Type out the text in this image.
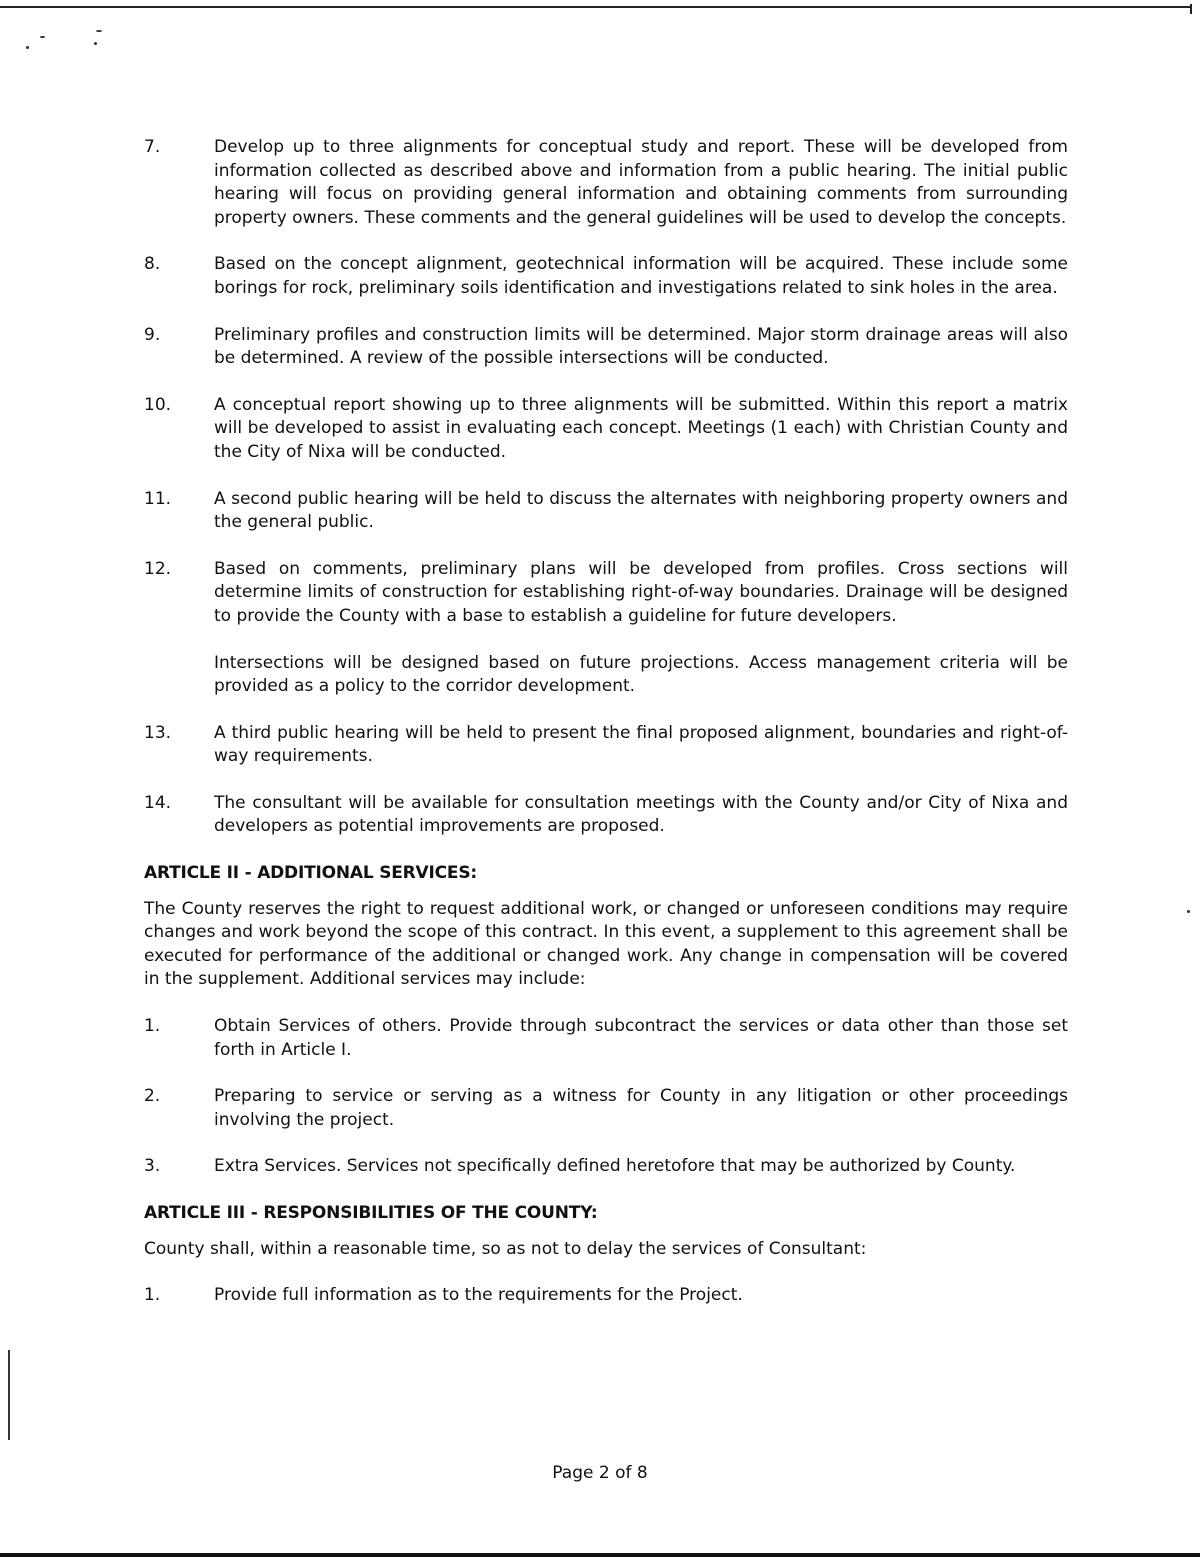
7.	Develop up to three alignments for conceptual study and report. These will be developed from information collected as described above and information from a public hearing. The initial public hearing will focus on providing general information and obtaining comments from surrounding property owners. These comments and the general guidelines will be used to develop the concepts.

8.	Based on the concept alignment, geotechnical information will be acquired. These include some borings for rock, preliminary soils identification and investigations related to sink holes in the area.

9.	Preliminary profiles and construction limits will be determined. Major storm drainage areas will also be determined. A review of the possible intersections will be conducted.

10.	A conceptual report showing up to three alignments will be submitted. Within this report a matrix will be developed to assist in evaluating each concept. Meetings (1 each) with Christian County and the City of Nixa will be conducted.

11.	A second public hearing will be held to discuss the alternates with neighboring property owners and the general public.

12.	Based on comments, preliminary plans will be developed from profiles. Cross sections will determine limits of construction for establishing right-of-way boundaries. Drainage will be designed to provide the County with a base to establish a guideline for future developers.

Intersections will be designed based on future projections. Access management criteria will be provided as a policy to the corridor development.

13.	A third public hearing will be held to present the final proposed alignment, boundaries and right-of-way requirements.

14.	The consultant will be available for consultation meetings with the County and/or City of Nixa and developers as potential improvements are proposed.

ARTICLE II - ADDITIONAL SERVICES:

The County reserves the right to request additional work, or changed or unforeseen conditions may require changes and work beyond the scope of this contract. In this event, a supplement to this agreement shall be executed for performance of the additional or changed work. Any change in compensation will be covered in the supplement. Additional services may include:

1.	Obtain Services of others. Provide through subcontract the services or data other than those set forth in Article I.

2.	Preparing to service or serving as a witness for County in any litigation or other proceedings involving the project.

3.	Extra Services. Services not specifically defined heretofore that may be authorized by County.

ARTICLE III - RESPONSIBILITIES OF THE COUNTY:

County shall, within a reasonable time, so as not to delay the services of Consultant:

1.	Provide full information as to the requirements for the Project.

Page 2 of 8
